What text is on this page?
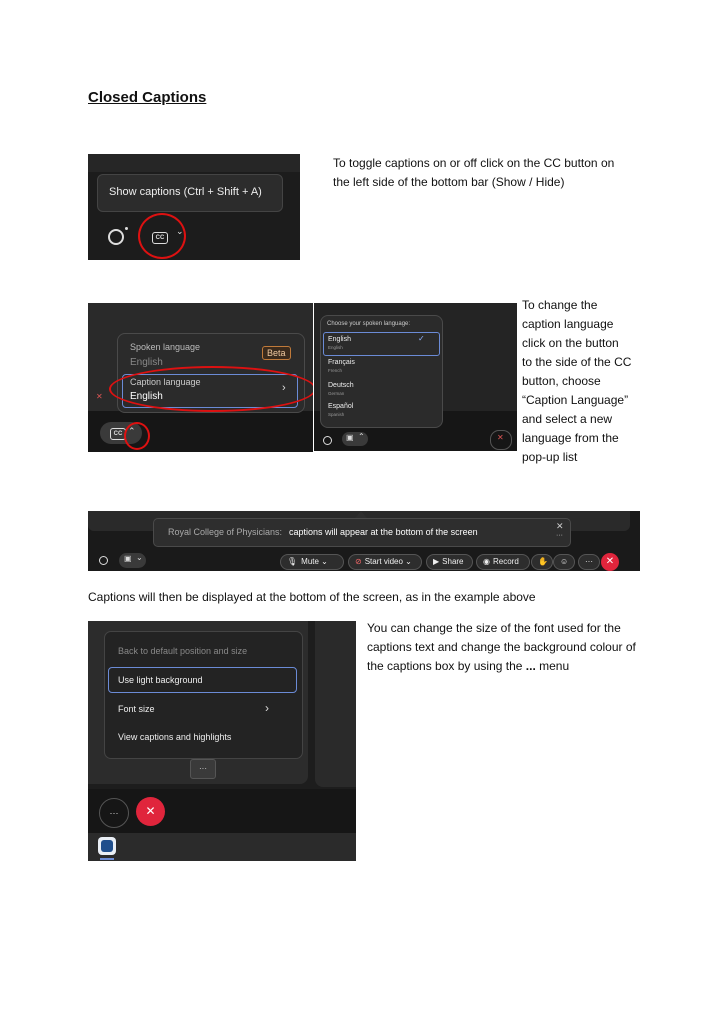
Closed Captions
Show captions (Ctrl + Shift + A)
CC
⌄
To toggle captions on or off click on the CC button on the left side of the bottom bar (Show / Hide)
Spoken language
English
Beta
Caption language
English
›
✕
CC ⌃
Choose your spoken language:
✓
English
English
Français
French
Deutsch
German
Español
Spanish
▣ ⌃	✕
To change the
caption language
click on the button
to the side of the CC
button, choose
“Caption Language”
and select a new
language from the
pop-up list
Royal College of Physicians: captions will appear at the bottom of the screen
✕
···
▣ ⌄	🎙 Mute ⌄	⊘ Start video ⌄	▶ Share	◉ Record	✋	☺	···	✕
Captions will then be displayed at the bottom of the screen, as in the example above
Back to default position and size
Use light background
Font size	›
View captions and highlights
···
···	✕
You can change the size of the font used for the captions text and change the background colour of the captions box by using the ... menu
